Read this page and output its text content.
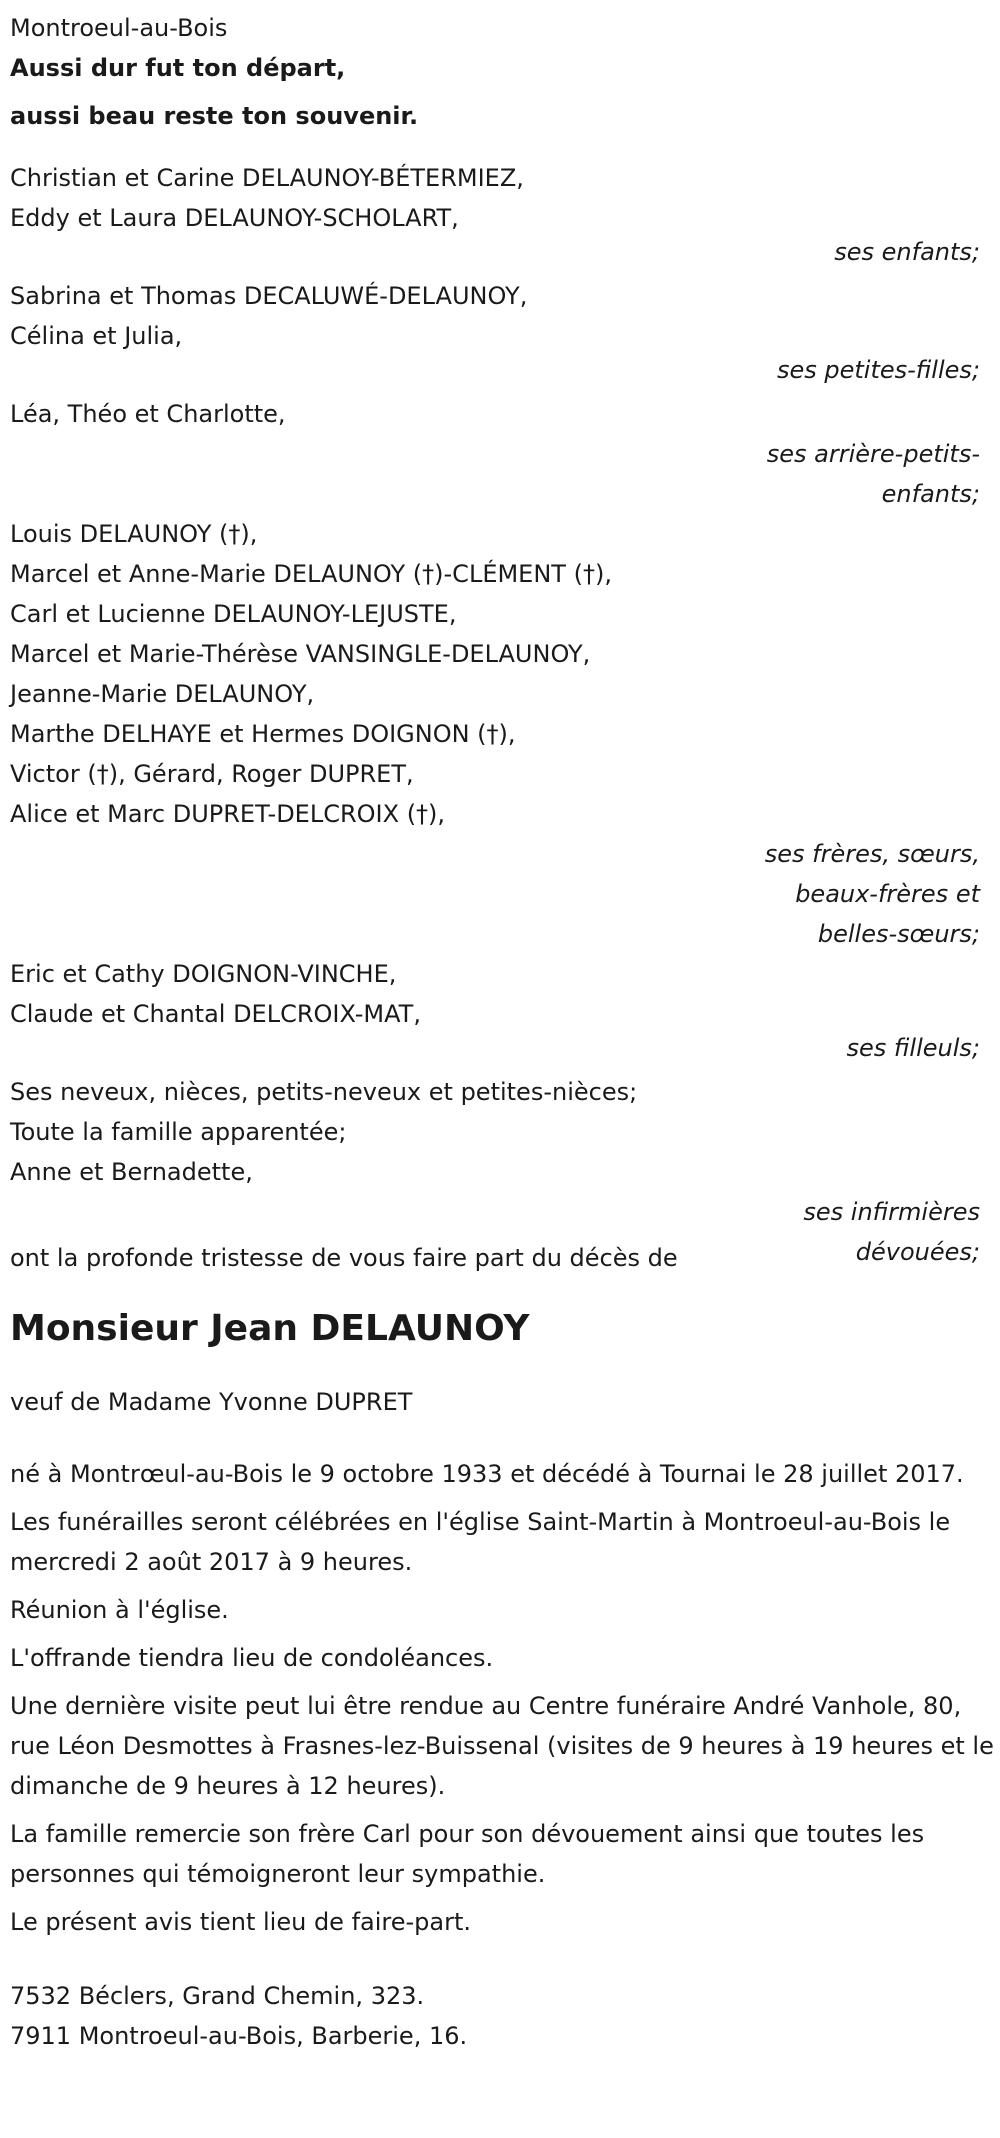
Montroeul-au-Bois

Aussi dur fut ton départ,

aussi beau reste ton souvenir.

Christian et Carine DELAUNOY-BÉTERMIEZ,

Eddy et Laura DELAUNOY-SCHOLART,

ses enfants;

Sabrina et Thomas DECALUWÉ-DELAUNOY,

Célina et Julia,

ses petites-filles;

Léa, Théo et Charlotte,

ses arrière-petits-
enfants;

Louis DELAUNOY (†),

Marcel et Anne-Marie DELAUNOY (†)-CLÉMENT (†),

Carl et Lucienne DELAUNOY-LEJUSTE,

Marcel et Marie-Thérèse VANSINGLE-DELAUNOY,

Jeanne-Marie DELAUNOY,

Marthe DELHAYE et Hermes DOIGNON (†),

Victor (†), Gérard, Roger DUPRET,

Alice et Marc DUPRET-DELCROIX (†),

ses frères, sœurs,
beaux-frères et
belles-sœurs;

Eric et Cathy DOIGNON-VINCHE,

Claude et Chantal DELCROIX-MAT,

ses filleuls;

Ses neveux, nièces, petits-neveux et petites-nièces;

Toute la famille apparentée;

Anne et Bernadette,

ses infirmières
dévouées;
ont la profonde tristesse de vous faire part du décès de
Monsieur Jean DELAUNOY

veuf de Madame Yvonne DUPRET

né à Montrœul-au-Bois le 9 octobre 1933 et décédé à Tournai le 28 juillet 2017.

Les funérailles seront célébrées en l'église Saint-Martin à Montroeul-au-Bois le mercredi 2 août 2017 à 9 heures.

Réunion à l'église.

L'offrande tiendra lieu de condoléances.

Une dernière visite peut lui être rendue au Centre funéraire André Vanhole, 80, rue Léon Desmottes à Frasnes-lez-Buissenal (visites de 9 heures à 19 heures et le dimanche de 9 heures à 12 heures).

La famille remercie son frère Carl pour son dévouement ainsi que toutes les personnes qui témoigneront leur sympathie.

Le présent avis tient lieu de faire-part.

7532 Béclers, Grand Chemin, 323.

7911 Montroeul-au-Bois, Barberie, 16.
